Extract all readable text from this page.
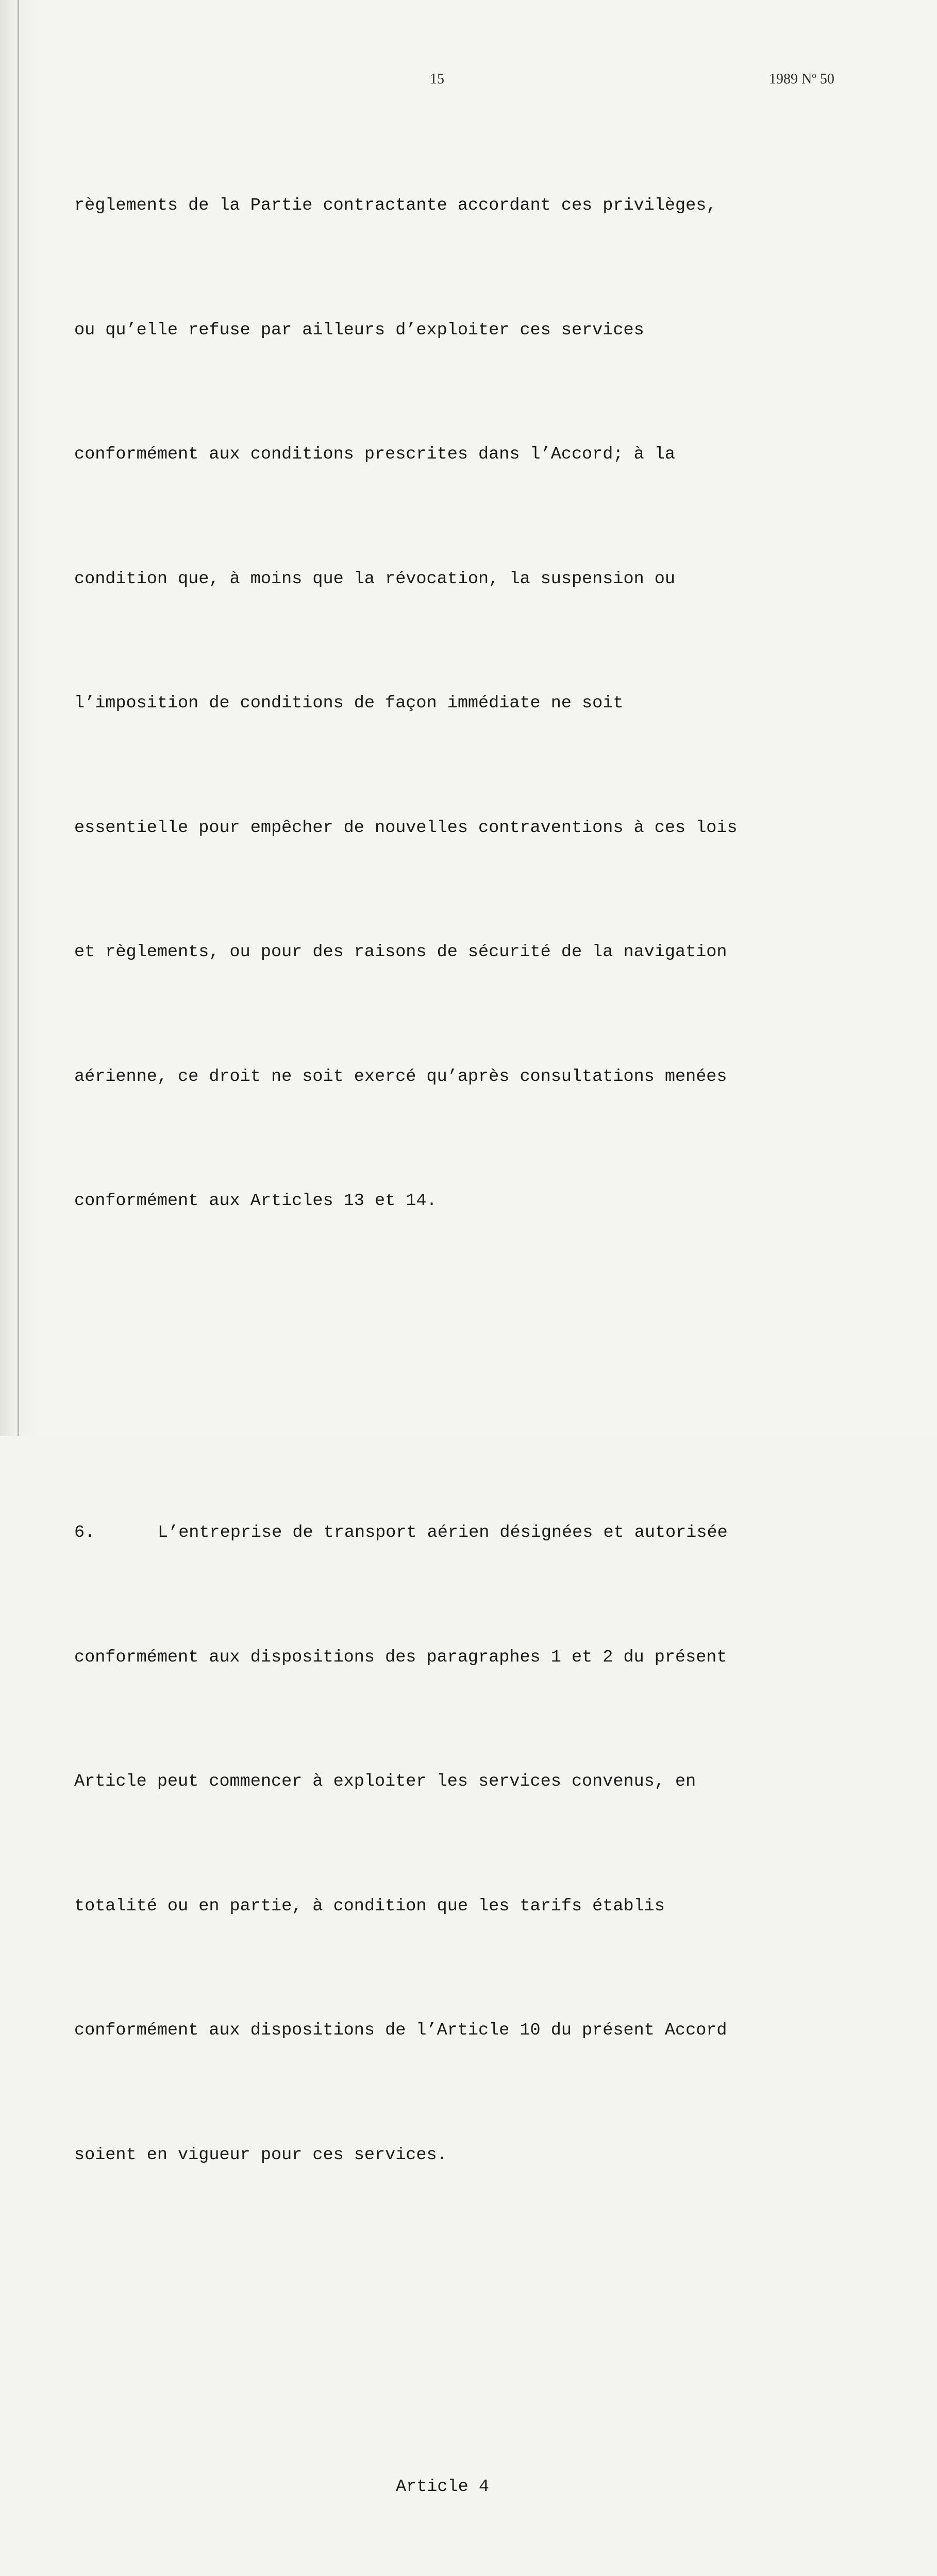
15	1989 Nº 50

règlements de la Partie contractante accordant ces privilèges,

ou qu’elle refuse par ailleurs d’exploiter ces services

conformément aux conditions prescrites dans l’Accord; à la

condition que, à moins que la révocation, la suspension ou

l’imposition de conditions de façon immédiate ne soit

essentielle pour empêcher de nouvelles contraventions à ces lois

et règlements, ou pour des raisons de sécurité de la navigation

aérienne, ce droit ne soit exercé qu’après consultations menées

conformément aux Articles 13 et 14.

6.	L’entreprise de transport aérien désignées et autorisée

conformément aux dispositions des paragraphes 1 et 2 du présent

Article peut commencer à exploiter les services convenus, en

totalité ou en partie, à condition que les tarifs établis

conformément aux dispositions de l’Article 10 du présent Accord

soient en vigueur pour ces services.

Article 4
